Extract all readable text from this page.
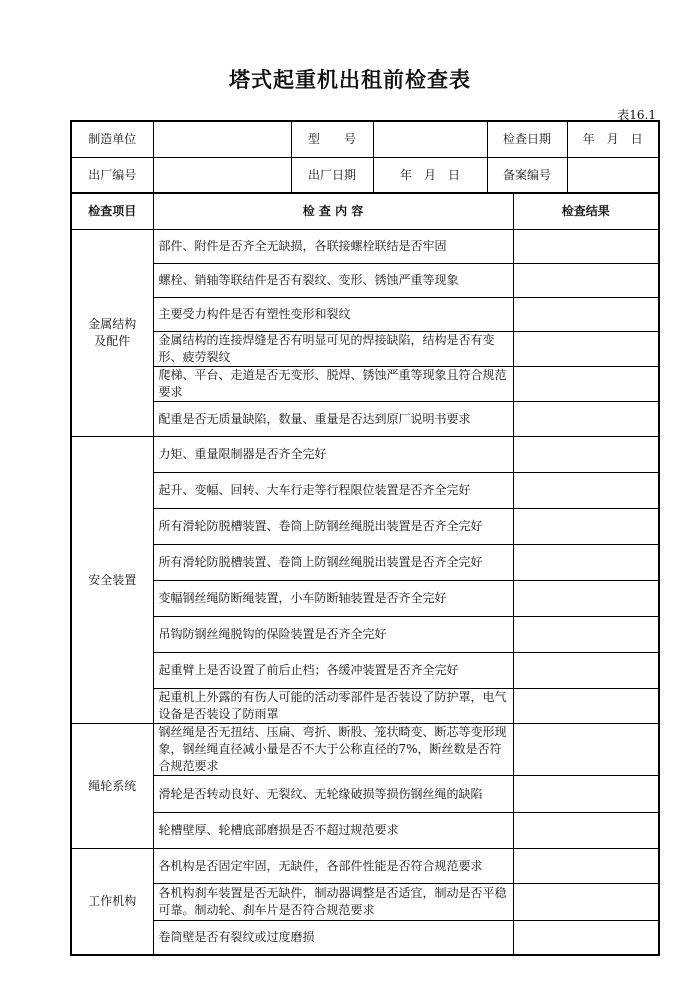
塔式起重机出租前检查表
表16.1
制造单位		型　　号		检查日期	年　月　日
出厂编号		出厂日期	年　月　日	备案编号	
检查项目	检 查 内 容	检查结果
金属结构
及配件	部件、附件是否齐全无缺损，各联接螺栓联结是否牢固	
	螺栓、销轴等联结件是否有裂纹、变形、锈蚀严重等现象	
	主要受力构件是否有塑性变形和裂纹	
	金属结构的连接焊缝是否有明显可见的焊接缺陷，结构是否有变形、疲劳裂纹	
	爬梯、平台、走道是否无变形、脱焊、锈蚀严重等现象且符合规范要求	
	配重是否无质量缺陷，数量、重量是否达到原厂说明书要求	
安全装置	力矩、重量限制器是否齐全完好	
	起升、变幅、回转、大车行走等行程限位装置是否齐全完好	
	所有滑轮防脱槽装置、卷筒上防钢丝绳脱出装置是否齐全完好	
	所有滑轮防脱槽装置、卷筒上防钢丝绳脱出装置是否齐全完好	
	变幅钢丝绳防断绳装置，小车防断轴装置是否齐全完好	
	吊钩防钢丝绳脱钩的保险装置是否齐全完好	
	起重臂上是否设置了前后止档；各缓冲装置是否齐全完好	
	起重机上外露的有伤人可能的活动零部件是否装设了防护罩，电气设备是否装设了防雨罩	
绳轮系统	钢丝绳是否无扭结、压扁、弯折、断股、笼状畸变、断芯等变形现象，钢丝绳直径减小量是否不大于公称直径的7%，断丝数是否符合规范要求	
	滑轮是否转动良好、无裂纹、无轮缘破损等损伤钢丝绳的缺陷	
	轮槽壁厚、轮槽底部磨损是否不超过规范要求	
工作机构	各机构是否固定牢固，无缺件，各部件性能是否符合规范要求	
	各机构刹车装置是否无缺件，制动器调整是否适宜，制动是否平稳可靠。制动轮、刹车片是否符合规范要求	
	卷筒壁是否有裂纹或过度磨损	
